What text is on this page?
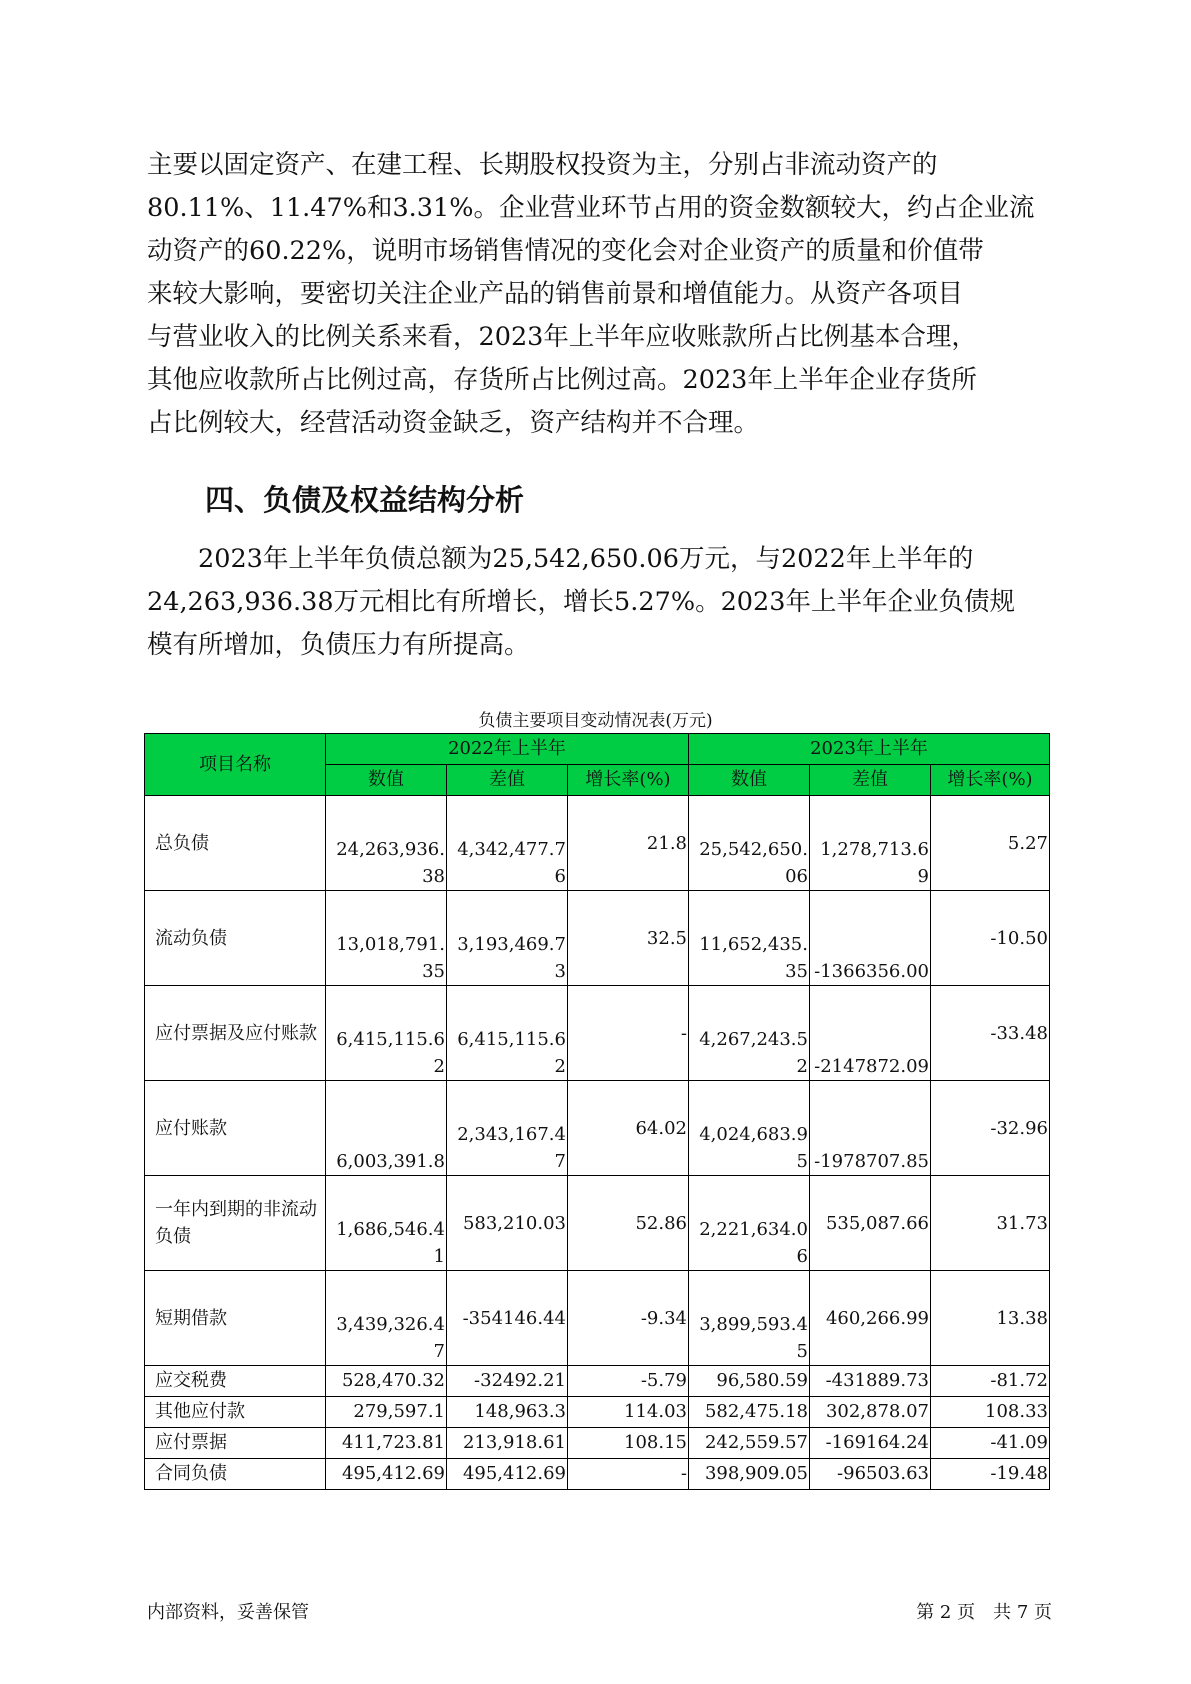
主要以固定资产、在建工程、长期股权投资为主，分别占非流动资产的
80.11%、11.47%和3.31%。企业营业环节占用的资金数额较大，约占企业流
动资产的60.22%，说明市场销售情况的变化会对企业资产的质量和价值带
来较大影响，要密切关注企业产品的销售前景和增值能力。从资产各项目
与营业收入的比例关系来看，2023年上半年应收账款所占比例基本合理，
其他应收款所占比例过高，存货所占比例过高。2023年上半年企业存货所
占比例较大，经营活动资金缺乏，资产结构并不合理。
四、负债及权益结构分析
　　2023年上半年负债总额为25,542,650.06万元，与2022年上半年的
24,263,936.38万元相比有所增长，增长5.27%。2023年上半年企业负债规
模有所增加，负债压力有所提高。
负债主要项目变动情况表(万元)
项目名称	2022年上半年			2023年上半年		
	数值	差值	增长率(%)	数值	差值	增长率(%)
总负债	24,263,936.38	4,342,477.76	21.8	25,542,650.06	1,278,713.69	5.27
流动负债	13,018,791.35	3,193,469.73	32.5	11,652,435.35	-1366356.00	-10.50
应付票据及应付账款	6,415,115.62	6,415,115.62	-	4,267,243.52	-2147872.09	-33.48
应付账款	6,003,391.8	2,343,167.47	64.02	4,024,683.95	-1978707.85	-32.96
一年内到期的非流动负债	1,686,546.41	583,210.03	52.86	2,221,634.06	535,087.66	31.73
短期借款	3,439,326.47	-354146.44	-9.34	3,899,593.45	460,266.99	13.38
应交税费	528,470.32	-32492.21	-5.79	96,580.59	-431889.73	-81.72
其他应付款	279,597.1	148,963.3	114.03	582,475.18	302,878.07	108.33
应付票据	411,723.81	213,918.61	108.15	242,559.57	-169164.24	-41.09
合同负债	495,412.69	495,412.69	-	398,909.05	-96503.63	-19.48
内部资料，妥善保管	第 2 页　共 7 页
